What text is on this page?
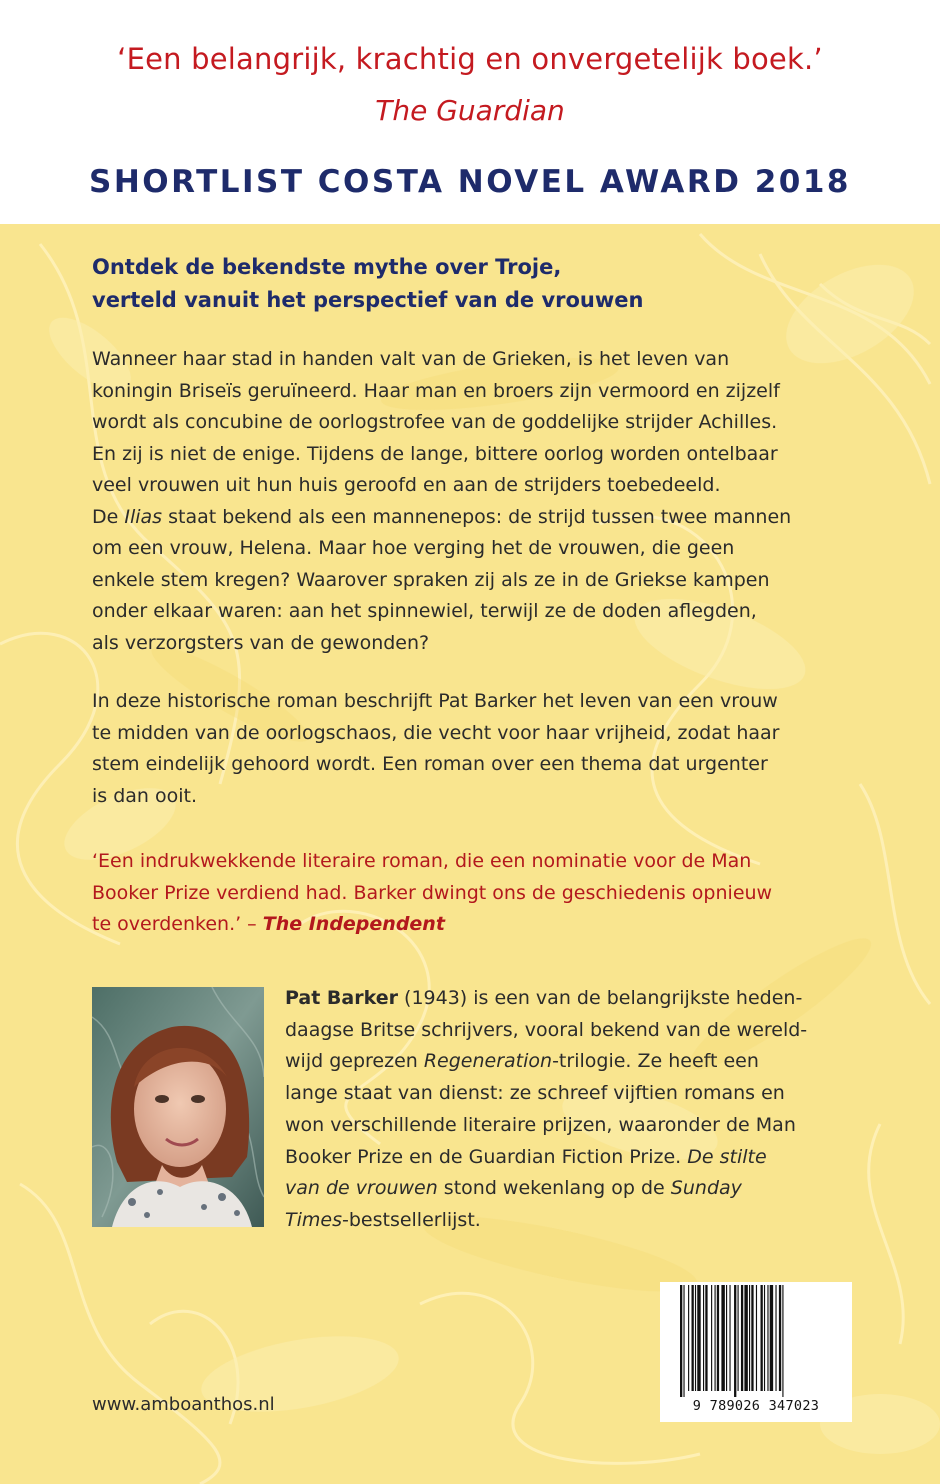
‘Een belangrijk, krachtig en onvergetelijk boek.’
The Guardian
SHORTLIST COSTA NOVEL AWARD 2018
Ontdek de bekendste mythe over Troje,
verteld vanuit het perspectief van de vrouwen
Wanneer haar stad in handen valt van de Grieken, is het leven van
koningin Briseïs geruïneerd. Haar man en broers zijn vermoord en zijzelf
wordt als concubine de oorlogstrofee van de goddelijke strijder Achilles.
En zij is niet de enige. Tijdens de lange, bittere oorlog worden ontelbaar
veel vrouwen uit hun huis geroofd en aan de strijders toebedeeld.
De Ilias staat bekend als een mannenepos: de strijd tussen twee mannen
om een vrouw, Helena. Maar hoe verging het de vrouwen, die geen
enkele stem kregen? Waarover spraken zij als ze in de Griekse kampen
onder elkaar waren: aan het spinnewiel, terwijl ze de doden aflegden,
als verzorgsters van de gewonden?
In deze historische roman beschrijft Pat Barker het leven van een vrouw
te midden van de oorlogschaos, die vecht voor haar vrijheid, zodat haar
stem eindelijk gehoord wordt. Een roman over een thema dat urgenter
is dan ooit.
‘Een indrukwekkende literaire roman, die een nominatie voor de Man
Booker Prize verdiend had. Barker dwingt ons de geschiedenis opnieuw
te overdenken.’ – The Independent
Pat Barker (1943) is een van de belangrijkste heden-
daagse Britse schrijvers, vooral bekend van de wereld-
wijd geprezen Regeneration-trilogie. Ze heeft een
lange staat van dienst: ze schreef vijftien romans en
won verschillende literaire prijzen, waaronder de Man
Booker Prize en de Guardian Fiction Prize. De stilte
van de vrouwen stond wekenlang op de Sunday
Times-bestsellerlijst.
www.amboanthos.nl	9 789026 347023
